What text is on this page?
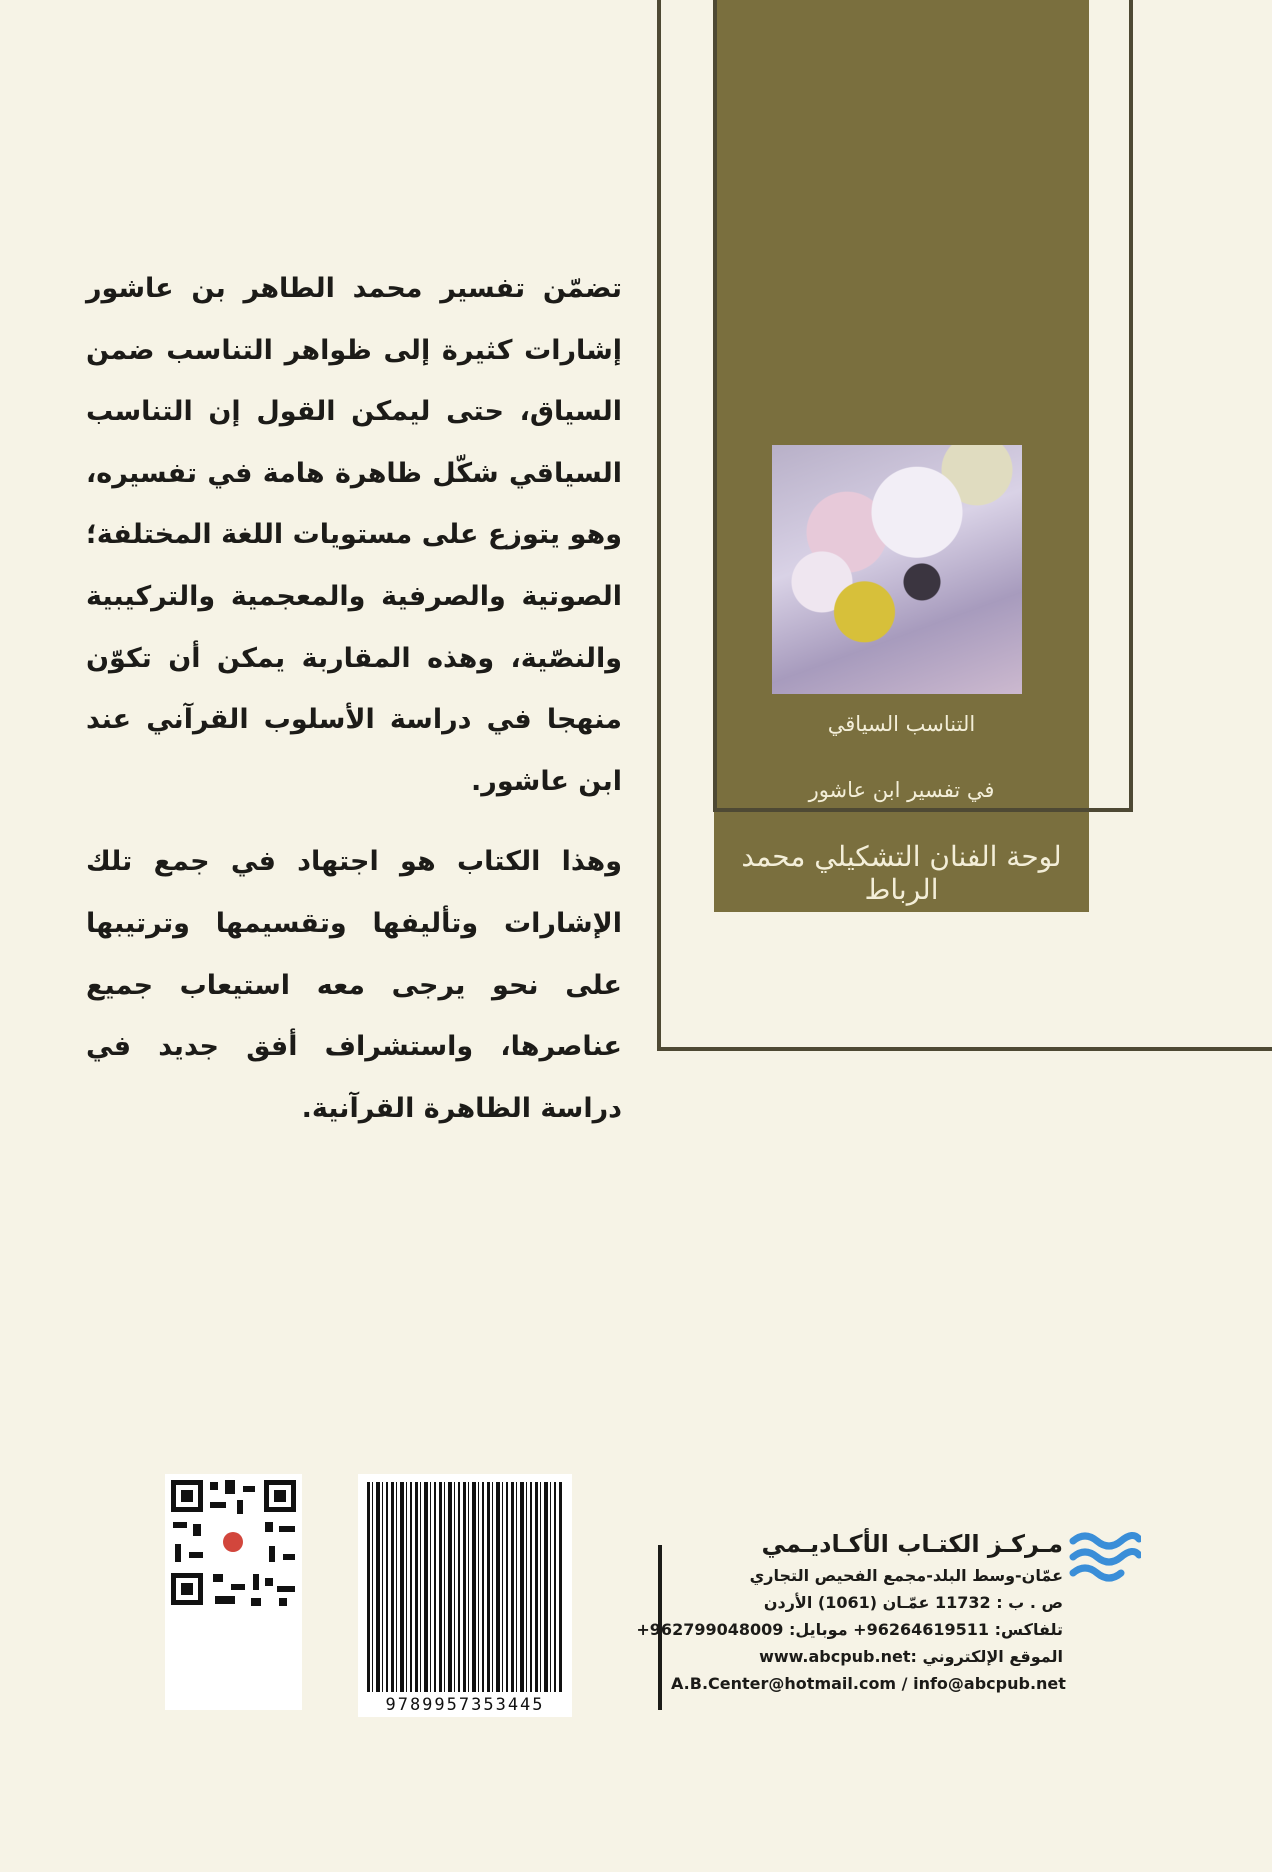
التناسب السياقي
في تفسير ابن عاشور
لوحة الفنان التشكيلي محمد الرباط

تضمّن تفسير محمد الطاهر بن عاشور إشارات كثيرة إلى ظواهر التناسب ضمن السياق، حتى ليمكن القول إن التناسب السياقي شكّل ظاهرة هامة في تفسيره، وهو يتوزع على مستويات اللغة المختلفة؛ الصوتية والصرفية والمعجمية والتركيبية والنصّية، وهذه المقاربة يمكن أن تكوّن منهجا في دراسة الأسلوب القرآني عند ابن عاشور.

وهذا الكتاب هو اجتهاد في جمع تلك الإشارات وتأليفها وتقسيمها وترتيبها على نحو يرجى معه استيعاب جميع عناصرها، واستشراف أفق جديد في دراسة الظاهرة القرآنية.

مـركـز الكتـاب الأكـاديـمي
عمّان-وسط البلد-مجمع الفحيص التجاري
ص . ب : 11732 عمّـان (1061) الأردن
تلفاكس: 96264619511+ موبايل: 962799048009+
الموقع الإلكتروني :www.abcpub.net
A.B.Center@hotmail.com / info@abcpub.net
9789957353445
